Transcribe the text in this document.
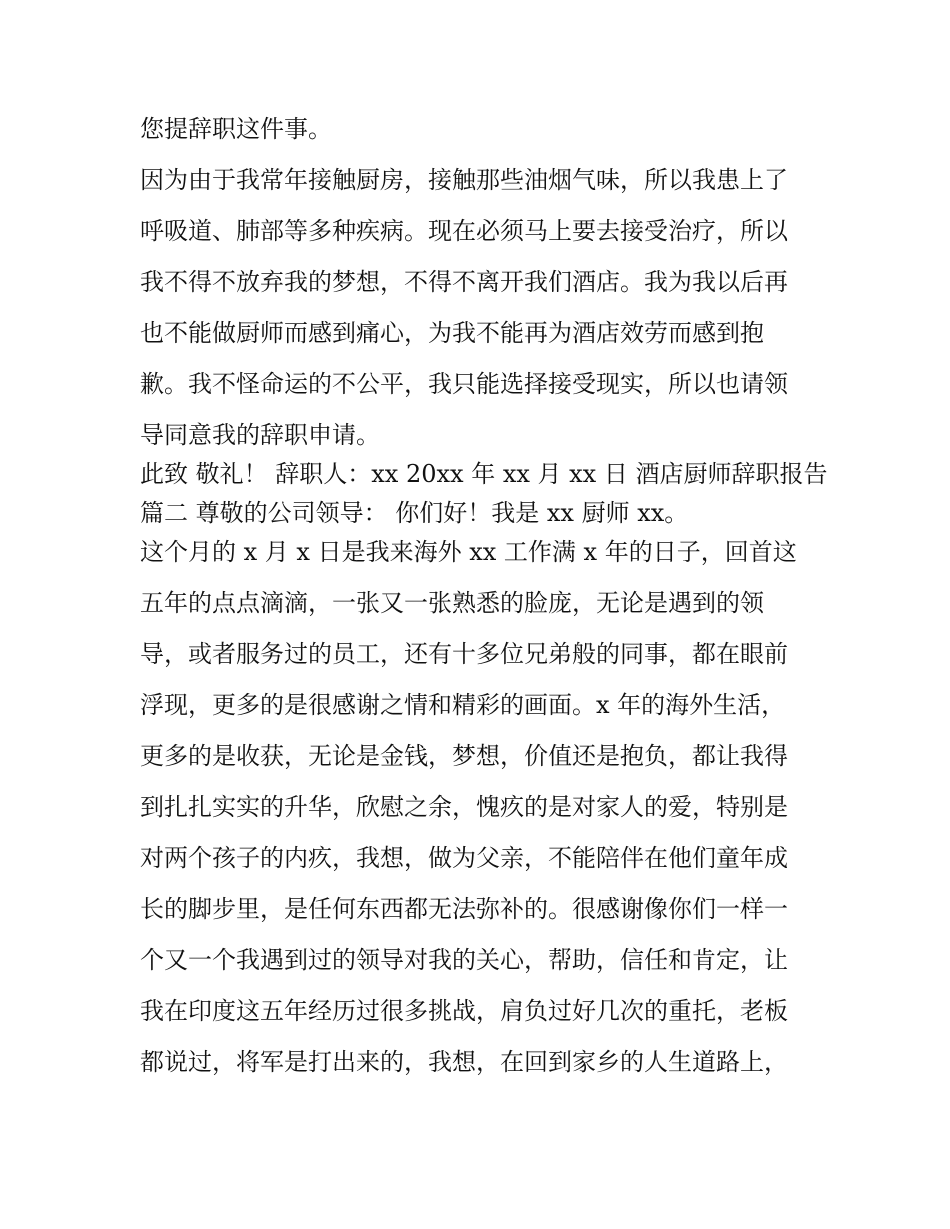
您提辞职这件事。
因为由于我常年接触厨房，接触那些油烟气味，所以我患上了
呼吸道、肺部等多种疾病。现在必须马上要去接受治疗，所以
我不得不放弃我的梦想，不得不离开我们酒店。我为我以后再
也不能做厨师而感到痛心，为我不能再为酒店效劳而感到抱
歉。我不怪命运的不公平，我只能选择接受现实，所以也请领
导同意我的辞职申请。
此致 敬礼！ 辞职人：xx 20xx 年 xx 月 xx 日 酒店厨师辞职报告
篇二 尊敬的公司领导： 你们好！我是 xx 厨师 xx。
这个月的 x 月 x 日是我来海外 xx 工作满 x 年的日子，回首这
五年的点点滴滴，一张又一张熟悉的脸庞，无论是遇到的领
导，或者服务过的员工，还有十多位兄弟般的同事，都在眼前
浮现，更多的是很感谢之情和精彩的画面。x 年的海外生活，
更多的是收获，无论是金钱，梦想，价值还是抱负，都让我得
到扎扎实实的升华，欣慰之余，愧疚的是对家人的爱，特别是
对两个孩子的内疚，我想，做为父亲，不能陪伴在他们童年成
长的脚步里，是任何东西都无法弥补的。很感谢像你们一样一
个又一个我遇到过的领导对我的关心，帮助，信任和肯定，让
我在印度这五年经历过很多挑战，肩负过好几次的重托，老板
都说过，将军是打出来的，我想，在回到家乡的人生道路上，
